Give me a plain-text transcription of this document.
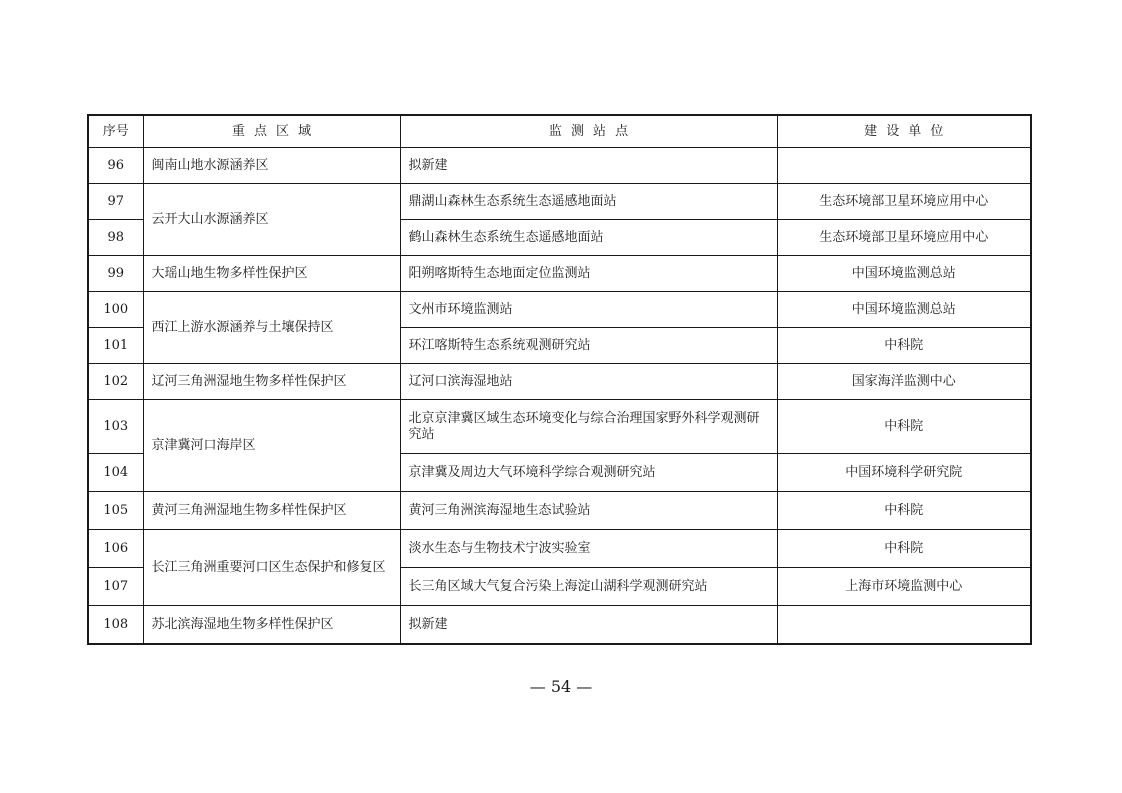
序号	重点区域	监测站点	建设单位
96	闽南山地水源涵养区	拟新建	
97	云开大山水源涵养区	鼎湖山森林生态系统生态遥感地面站	生态环境部卫星环境应用中心
98		鹤山森林生态系统生态遥感地面站	生态环境部卫星环境应用中心
99	大瑶山地生物多样性保护区	阳朔喀斯特生态地面定位监测站	中国环境监测总站
100	西江上游水源涵养与土壤保持区	文州市环境监测站	中国环境监测总站
101		环江喀斯特生态系统观测研究站	中科院
102	辽河三角洲湿地生物多样性保护区	辽河口滨海湿地站	国家海洋监测中心
103	京津冀河口海岸区	北京京津冀区域生态环境变化与综合治理国家野外科学观测研究站	中科院
104		京津冀及周边大气环境科学综合观测研究站	中国环境科学研究院
105	黄河三角洲湿地生物多样性保护区	黄河三角洲滨海湿地生态试验站	中科院
106	长江三角洲重要河口区生态保护和修复区	淡水生态与生物技术宁波实验室	中科院
107		长三角区域大气复合污染上海淀山湖科学观测研究站	上海市环境监测中心
108	苏北滨海湿地生物多样性保护区	拟新建	
— 54 —
